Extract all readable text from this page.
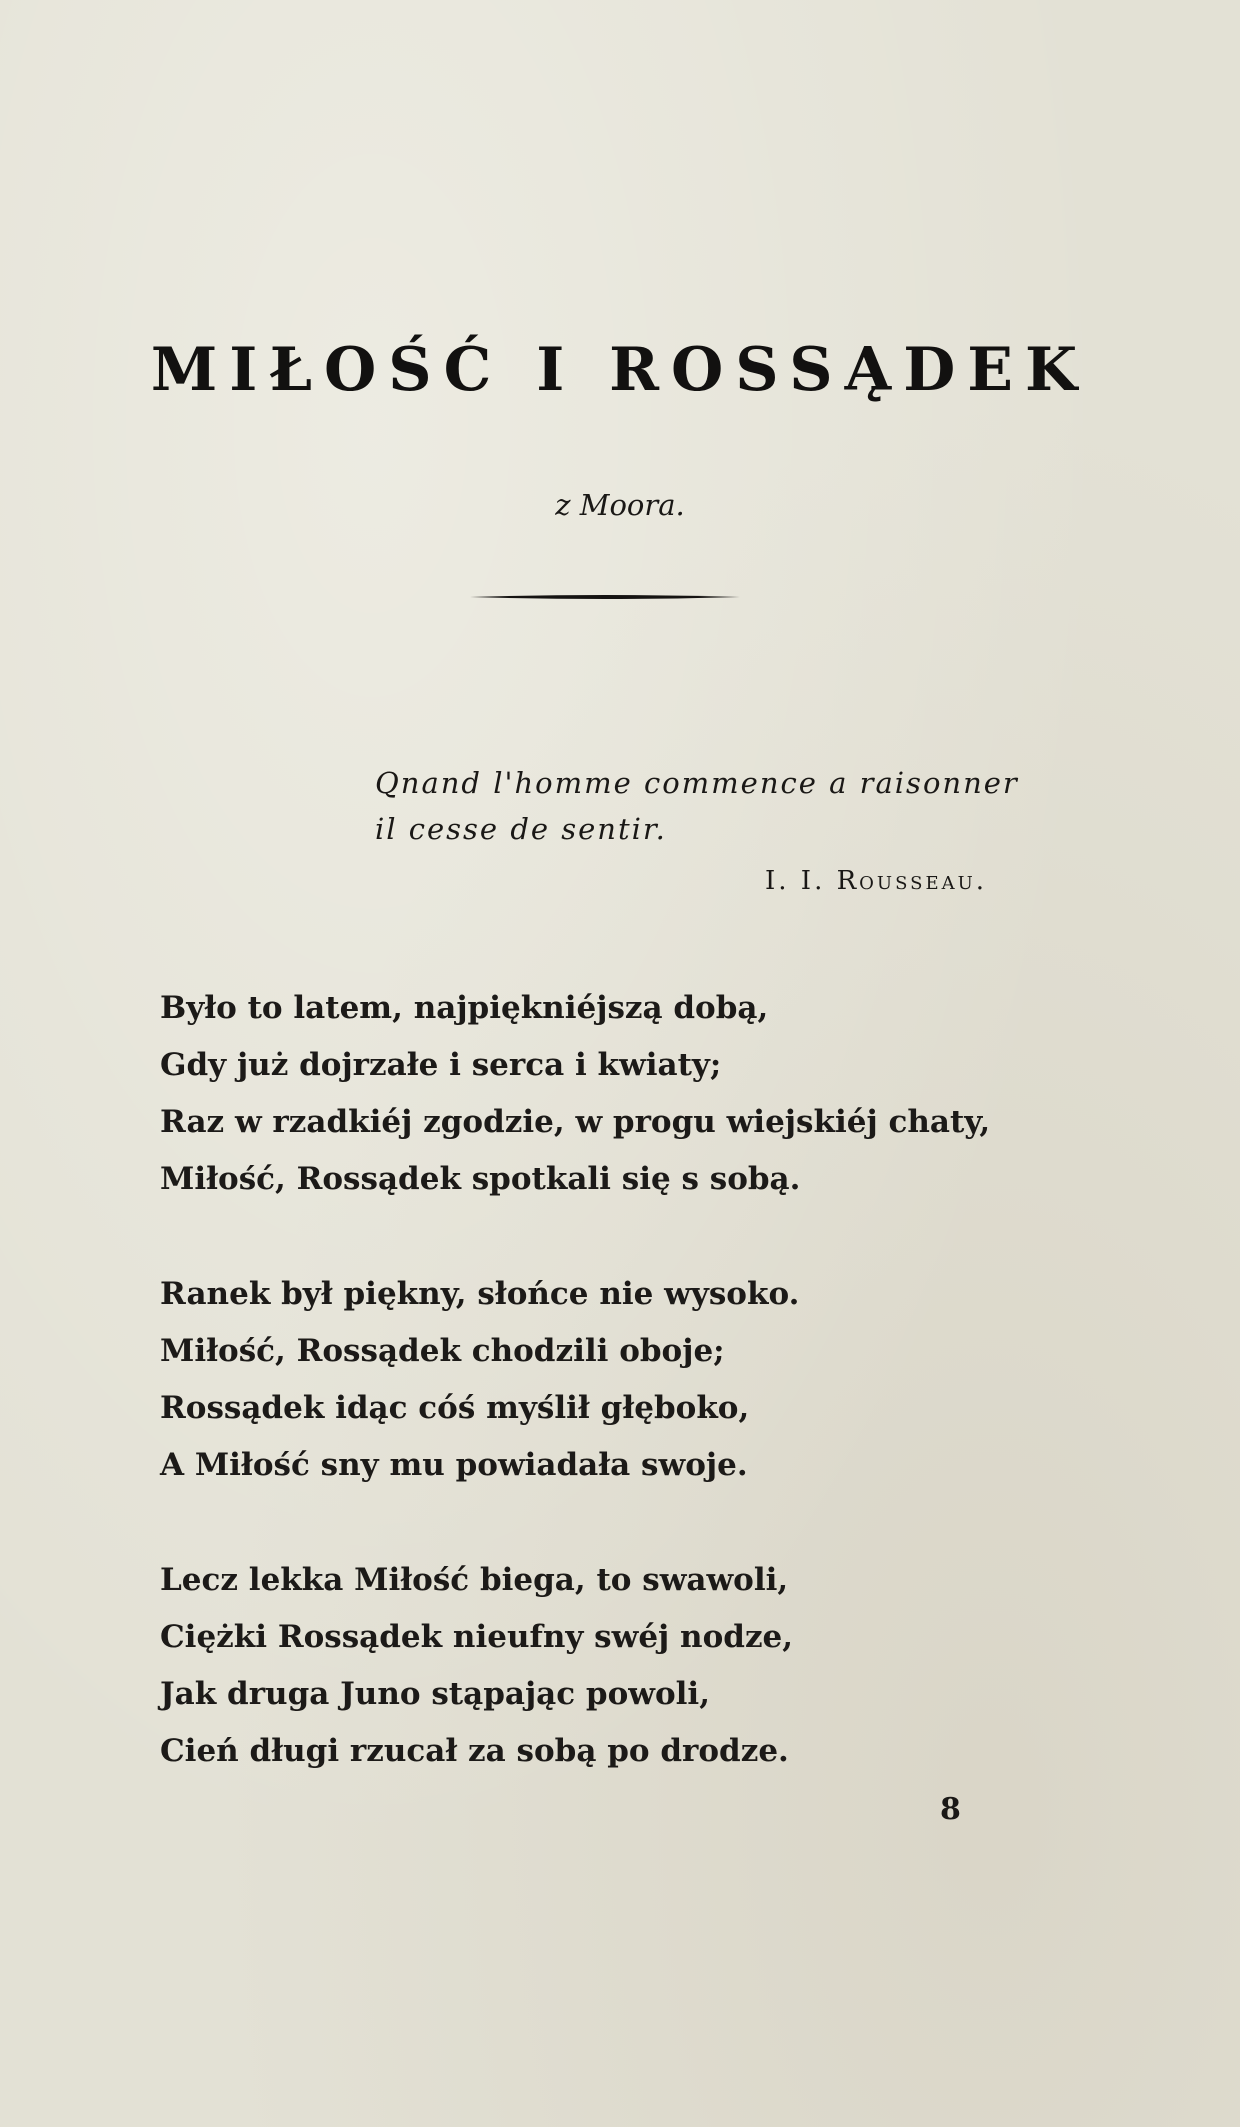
MIŁOŚĆ I ROSSĄDEK
z Moora.
Qnand l'homme commence a raisonner
il cesse de sentir.
I. I. Rousseau.
Było to latem, najpiękniéjszą dobą,
Gdy już dojrzałe i serca i kwiaty;
Raz w rzadkiéj zgodzie, w progu wiejskiéj chaty,
Miłość, Rossądek spotkali się s sobą.
Ranek był piękny, słońce nie wysoko.
Miłość, Rossądek chodzili oboje;
Rossądek idąc cóś myślił głęboko,
A Miłość sny mu powiadała swoje.
Lecz lekka Miłość biega, to swawoli,
Ciężki Rossądek nieufny swéj nodze,
Jak druga Juno stąpając powoli,
Cień długi rzucał za sobą po drodze.
8
